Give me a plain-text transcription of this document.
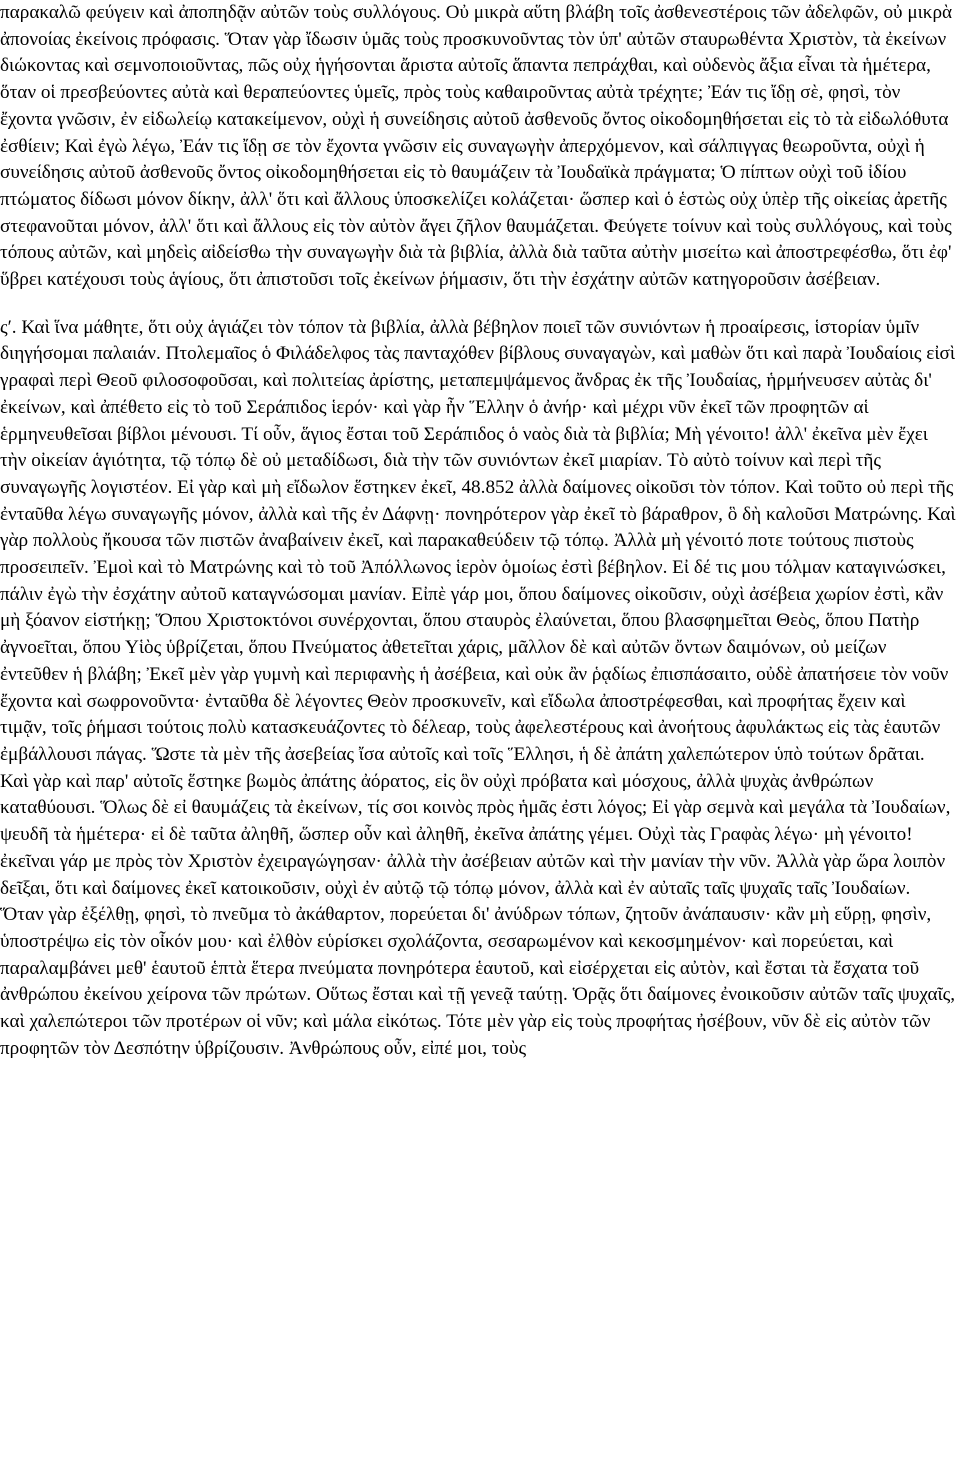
παρακαλῶ φεύγειν καὶ ἀποπηδᾷν αὐτῶν τοὺς συλλόγους. Οὐ μικρὰ αὕτη βλάβη τοῖς ἀσθενεστέροις τῶν ἀδελφῶν, οὐ μικρὰ ἀπονοίας ἐκείνοις πρόφασις. Ὅταν γὰρ ἴδωσιν ὑμᾶς τοὺς προσκυνοῦντας τὸν ὑπ' αὐτῶν σταυρωθέντα Χριστὸν, τὰ ἐκείνων διώκοντας καὶ σεμνοποιοῦντας, πῶς οὐχ ἡγήσονται ἄριστα αὐτοῖς ἅπαντα πεπράχθαι, καὶ οὐδενὸς ἄξια εἶναι τὰ ἡμέτερα, ὅταν οἱ πρεσβεύοντες αὐτὰ καὶ θεραπεύοντες ὑμεῖς, πρὸς τοὺς καθαιροῦντας αὐτὰ τρέχητε; Ἐάν τις ἴδῃ σὲ, φησὶ, τὸν ἔχοντα γνῶσιν, ἐν εἰδωλείῳ κατακείμενον, οὐχὶ ἡ συνείδησις αὐτοῦ ἀσθενοῦς ὄντος οἰκοδομηθήσεται εἰς τὸ τὰ εἰδωλόθυτα ἐσθίειν; Καὶ ἐγὼ λέγω, Ἐάν τις ἴδῃ σε τὸν ἔχοντα γνῶσιν εἰς συναγωγὴν ἀπερχόμενον, καὶ σάλπιγγας θεωροῦντα, οὐχὶ ἡ συνείδησις αὐτοῦ ἀσθενοῦς ὄντος οἰκοδομηθήσεται εἰς τὸ θαυμάζειν τὰ Ἰουδαϊκὰ πράγματα; Ὁ πίπτων οὐχὶ τοῦ ἰδίου πτώματος δίδωσι μόνον δίκην, ἀλλ' ὅτι καὶ ἄλλους ὑποσκελίζει κολάζεται· ὥσπερ καὶ ὁ ἑστὼς οὐχ ὑπὲρ τῆς οἰκείας ἀρετῆς στεφανοῦται μόνον, ἀλλ' ὅτι καὶ ἄλλους εἰς τὸν αὐτὸν ἄγει ζῆλον θαυμάζεται. Φεύγετε τοίνυν καὶ τοὺς συλλόγους, καὶ τοὺς τόπους αὐτῶν, καὶ μηδεὶς αἰδείσθω τὴν συναγωγὴν διὰ τὰ βιβλία, ἀλλὰ διὰ ταῦτα αὐτὴν μισείτω καὶ ἀποστρεφέσθω, ὅτι ἐφ' ὕβρει κατέχουσι τοὺς ἁγίους, ὅτι ἀπιστοῦσι τοῖς ἐκείνων ῥήμασιν, ὅτι τὴν ἐσχάτην αὐτῶν κατηγοροῦσιν ἀσέβειαν.

ςʹ. Καὶ ἵνα μάθητε, ὅτι οὐχ ἁγιάζει τὸν τόπον τὰ βιβλία, ἀλλὰ βέβηλον ποιεῖ τῶν συνιόντων ἡ προαίρεσις, ἱστορίαν ὑμῖν διηγήσομαι παλαιάν. Πτολεμαῖος ὁ Φιλάδελφος τὰς πανταχόθεν βίβλους συναγαγὼν, καὶ μαθὼν ὅτι καὶ παρὰ Ἰουδαίοις εἰσὶ γραφαὶ περὶ Θεοῦ φιλοσοφοῦσαι, καὶ πολιτείας ἀρίστης, μεταπεμψάμενος ἄνδρας ἐκ τῆς Ἰουδαίας, ἡρμήνευσεν αὐτὰς δι' ἐκείνων, καὶ ἀπέθετο εἰς τὸ τοῦ Σεράπιδος ἱερόν· καὶ γὰρ ἦν Ἕλλην ὁ ἀνήρ· καὶ μέχρι νῦν ἐκεῖ τῶν προφητῶν αἱ ἑρμηνευθεῖσαι βίβλοι μένουσι. Τί οὖν, ἅγιος ἔσται τοῦ Σεράπιδος ὁ ναὸς διὰ τὰ βιβλία; Μὴ γένοιτο! ἀλλ' ἐκεῖνα μὲν ἔχει τὴν οἰκείαν ἁγιότητα, τῷ τόπῳ δὲ οὐ μεταδίδωσι, διὰ τὴν τῶν συνιόντων ἐκεῖ μιαρίαν. Τὸ αὐτὸ τοίνυν καὶ περὶ τῆς συναγωγῆς λογιστέον. Εἰ γὰρ καὶ μὴ εἴδωλον ἕστηκεν ἐκεῖ, 48.852 ἀλλὰ δαίμονες οἰκοῦσι τὸν τόπον. Καὶ τοῦτο οὐ περὶ τῆς ἐνταῦθα λέγω συναγωγῆς μόνον, ἀλλὰ καὶ τῆς ἐν Δάφνῃ· πονηρότερον γὰρ ἐκεῖ τὸ βάραθρον, ὃ δὴ καλοῦσι Ματρώνης. Καὶ γὰρ πολλοὺς ἤκουσα τῶν πιστῶν ἀναβαίνειν ἐκεῖ, καὶ παρακαθεύδειν τῷ τόπῳ. Ἀλλὰ μὴ γένοιτό ποτε τούτους πιστοὺς προσειπεῖν. Ἐμοὶ καὶ τὸ Ματρώνης καὶ τὸ τοῦ Ἀπόλλωνος ἱερὸν ὁμοίως ἐστὶ βέβηλον. Εἰ δέ τις μου τόλμαν καταγινώσκει, πάλιν ἐγὼ τὴν ἐσχάτην αὐτοῦ καταγνώσομαι μανίαν. Εἰπὲ γάρ μοι, ὅπου δαίμονες οἰκοῦσιν, οὐχὶ ἀσέβεια χωρίον ἐστὶ, κἂν μὴ ξόανον εἱστήκῃ; Ὅπου Χριστοκτόνοι συνέρχονται, ὅπου σταυρὸς ἐλαύνεται, ὅπου βλασφημεῖται Θεὸς, ὅπου Πατὴρ ἀγνοεῖται, ὅπου Υἱὸς ὑβρίζεται, ὅπου Πνεύματος ἀθετεῖται χάρις, μᾶλλον δὲ καὶ αὐτῶν ὄντων δαιμόνων, οὐ μείζων ἐντεῦθεν ἡ βλάβη; Ἐκεῖ μὲν γὰρ γυμνὴ καὶ περιφανὴς ἡ ἀσέβεια, καὶ οὐκ ἂν ῥᾳδίως ἐπισπάσαιτο, οὐδὲ ἀπατήσειε τὸν νοῦν ἔχοντα καὶ σωφρονοῦντα· ἐνταῦθα δὲ λέγοντες Θεὸν προσκυνεῖν, καὶ εἴδωλα ἀποστρέφεσθαι, καὶ προφήτας ἔχειν καὶ τιμᾷν, τοῖς ῥήμασι τούτοις πολὺ κατασκευάζοντες τὸ δέλεαρ, τοὺς ἀφελεστέρους καὶ ἀνοήτους ἀφυλάκτως εἰς τὰς ἑαυτῶν ἐμβάλλουσι πάγας. Ὥστε τὰ μὲν τῆς ἀσεβείας ἴσα αὐτοῖς καὶ τοῖς Ἕλλησι, ἡ δὲ ἀπάτη χαλεπώτερον ὑπὸ τούτων δρᾶται. Καὶ γὰρ καὶ παρ' αὐτοῖς ἕστηκε βωμὸς ἀπάτης ἀόρατος, εἰς ὃν οὐχὶ πρόβατα καὶ μόσχους, ἀλλὰ ψυχὰς ἀνθρώπων καταθύουσι. Ὅλως δὲ εἰ θαυμάζεις τὰ ἐκείνων, τίς σοι κοινὸς πρὸς ἡμᾶς ἐστι λόγος; Εἰ γὰρ σεμνὰ καὶ μεγάλα τὰ Ἰουδαίων, ψευδῆ τὰ ἡμέτερα· εἰ δὲ ταῦτα ἀληθῆ, ὥσπερ οὖν καὶ ἀληθῆ, ἐκεῖνα ἀπάτης γέμει. Οὐχὶ τὰς Γραφὰς λέγω· μὴ γένοιτο! ἐκεῖναι γάρ με πρὸς τὸν Χριστὸν ἐχειραγώγησαν· ἀλλὰ τὴν ἀσέβειαν αὐτῶν καὶ τὴν μανίαν τὴν νῦν. Ἀλλὰ γὰρ ὥρα λοιπὸν δεῖξαι, ὅτι καὶ δαίμονες ἐκεῖ κατοικοῦσιν, οὐχὶ ἐν αὐτῷ τῷ τόπῳ μόνον, ἀλλὰ καὶ ἐν αὐταῖς ταῖς ψυχαῖς ταῖς Ἰουδαίων. Ὅταν γὰρ ἐξέλθῃ, φησὶ, τὸ πνεῦμα τὸ ἀκάθαρτον, πορεύεται δι' ἀνύδρων τόπων, ζητοῦν ἀνάπαυσιν· κἂν μὴ εὕρῃ, φησὶν, ὑποστρέψω εἰς τὸν οἶκόν μου· καὶ ἐλθὸν εὑρίσκει σχολάζοντα, σεσαρωμένον καὶ κεκοσμημένον· καὶ πορεύεται, καὶ παραλαμβάνει μεθ' ἑαυτοῦ ἑπτὰ ἕτερα πνεύματα πονηρότερα ἑαυτοῦ, καὶ εἰσέρχεται εἰς αὐτὸν, καὶ ἔσται τὰ ἔσχατα τοῦ ἀνθρώπου ἐκείνου χείρονα τῶν πρώτων. Οὕτως ἔσται καὶ τῇ γενεᾷ ταύτῃ. Ὁρᾷς ὅτι δαίμονες ἐνοικοῦσιν αὐτῶν ταῖς ψυχαῖς, καὶ χαλεπώτεροι τῶν προτέρων οἱ νῦν; καὶ μάλα εἰκότως. Τότε μὲν γὰρ εἰς τοὺς προφήτας ἠσέβουν, νῦν δὲ εἰς αὐτὸν τῶν προφητῶν τὸν Δεσπότην ὑβρίζουσιν. Ἀνθρώπους οὖν, εἰπέ μοι, τοὺς
